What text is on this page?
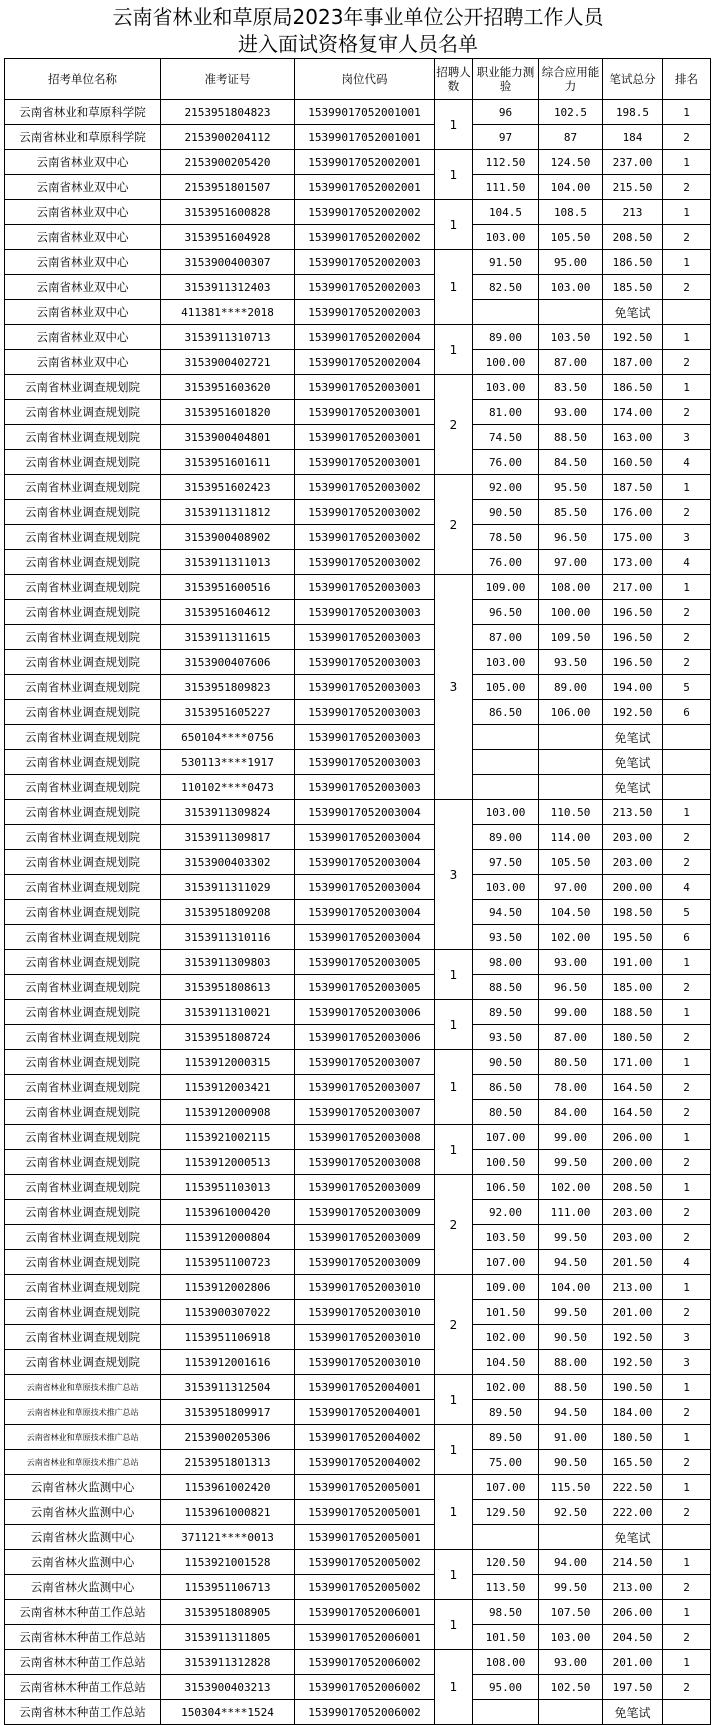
云南省林业和草原局2023年事业单位公开招聘工作人员
进入面试资格复审人员名单
招考单位名称	准考证号	岗位代码	招聘人数	职业能力测验	综合应用能力	笔试总分	排名
云南省林业和草原科学院	2153951804823	15399017052001001	1	96	102.5	198.5	1
云南省林业和草原科学院	2153900204112	15399017052001001		97	87	184	2
云南省林业双中心	2153900205420	15399017052002001	1	112.50	124.50	237.00	1
云南省林业双中心	2153951801507	15399017052002001		111.50	104.00	215.50	2
云南省林业双中心	3153951600828	15399017052002002	1	104.5	108.5	213	1
云南省林业双中心	3153951604928	15399017052002002		103.00	105.50	208.50	2
云南省林业双中心	3153900400307	15399017052002003	1	91.50	95.00	186.50	1
云南省林业双中心	3153911312403	15399017052002003		82.50	103.00	185.50	2
云南省林业双中心	411381****2018	15399017052002003				免笔试	
云南省林业双中心	3153911310713	15399017052002004	1	89.00	103.50	192.50	1
云南省林业双中心	3153900402721	15399017052002004		100.00	87.00	187.00	2
云南省林业调查规划院	3153951603620	15399017052003001	2	103.00	83.50	186.50	1
云南省林业调查规划院	3153951601820	15399017052003001		81.00	93.00	174.00	2
云南省林业调查规划院	3153900404801	15399017052003001		74.50	88.50	163.00	3
云南省林业调查规划院	3153951601611	15399017052003001		76.00	84.50	160.50	4
云南省林业调查规划院	3153951602423	15399017052003002	2	92.00	95.50	187.50	1
云南省林业调查规划院	3153911311812	15399017052003002		90.50	85.50	176.00	2
云南省林业调查规划院	3153900408902	15399017052003002		78.50	96.50	175.00	3
云南省林业调查规划院	3153911311013	15399017052003002		76.00	97.00	173.00	4
云南省林业调查规划院	3153951600516	15399017052003003	3	109.00	108.00	217.00	1
云南省林业调查规划院	3153951604612	15399017052003003		96.50	100.00	196.50	2
云南省林业调查规划院	3153911311615	15399017052003003		87.00	109.50	196.50	2
云南省林业调查规划院	3153900407606	15399017052003003		103.00	93.50	196.50	2
云南省林业调查规划院	3153951809823	15399017052003003		105.00	89.00	194.00	5
云南省林业调查规划院	3153951605227	15399017052003003		86.50	106.00	192.50	6
云南省林业调查规划院	650104****0756	15399017052003003				免笔试	
云南省林业调查规划院	530113****1917	15399017052003003				免笔试	
云南省林业调查规划院	110102****0473	15399017052003003				免笔试	
云南省林业调查规划院	3153911309824	15399017052003004	3	103.00	110.50	213.50	1
云南省林业调查规划院	3153911309817	15399017052003004		89.00	114.00	203.00	2
云南省林业调查规划院	3153900403302	15399017052003004		97.50	105.50	203.00	2
云南省林业调查规划院	3153911311029	15399017052003004		103.00	97.00	200.00	4
云南省林业调查规划院	3153951809208	15399017052003004		94.50	104.50	198.50	5
云南省林业调查规划院	3153911310116	15399017052003004		93.50	102.00	195.50	6
云南省林业调查规划院	3153911309803	15399017052003005	1	98.00	93.00	191.00	1
云南省林业调查规划院	3153951808613	15399017052003005		88.50	96.50	185.00	2
云南省林业调查规划院	3153911310021	15399017052003006	1	89.50	99.00	188.50	1
云南省林业调查规划院	3153951808724	15399017052003006		93.50	87.00	180.50	2
云南省林业调查规划院	1153912000315	15399017052003007	1	90.50	80.50	171.00	1
云南省林业调查规划院	1153912003421	15399017052003007		86.50	78.00	164.50	2
云南省林业调查规划院	1153912000908	15399017052003007		80.50	84.00	164.50	2
云南省林业调查规划院	1153921002115	15399017052003008	1	107.00	99.00	206.00	1
云南省林业调查规划院	1153912000513	15399017052003008		100.50	99.50	200.00	2
云南省林业调查规划院	1153951103013	15399017052003009	2	106.50	102.00	208.50	1
云南省林业调查规划院	1153961000420	15399017052003009		92.00	111.00	203.00	2
云南省林业调查规划院	1153912000804	15399017052003009		103.50	99.50	203.00	2
云南省林业调查规划院	1153951100723	15399017052003009		107.00	94.50	201.50	4
云南省林业调查规划院	1153912002806	15399017052003010	2	109.00	104.00	213.00	1
云南省林业调查规划院	1153900307022	15399017052003010		101.50	99.50	201.00	2
云南省林业调查规划院	1153951106918	15399017052003010		102.00	90.50	192.50	3
云南省林业调查规划院	1153912001616	15399017052003010		104.50	88.00	192.50	3
云南省林业和草原技术推广总站	3153911312504	15399017052004001	1	102.00	88.50	190.50	1
云南省林业和草原技术推广总站	3153951809917	15399017052004001		89.50	94.50	184.00	2
云南省林业和草原技术推广总站	2153900205306	15399017052004002	1	89.50	91.00	180.50	1
云南省林业和草原技术推广总站	2153951801313	15399017052004002		75.00	90.50	165.50	2
云南省林火监测中心	1153961002420	15399017052005001	1	107.00	115.50	222.50	1
云南省林火监测中心	1153961000821	15399017052005001		129.50	92.50	222.00	2
云南省林火监测中心	371121****0013	15399017052005001				免笔试	
云南省林火监测中心	1153921001528	15399017052005002	1	120.50	94.00	214.50	1
云南省林火监测中心	1153951106713	15399017052005002		113.50	99.50	213.00	2
云南省林木种苗工作总站	3153951808905	15399017052006001	1	98.50	107.50	206.00	1
云南省林木种苗工作总站	3153911311805	15399017052006001		101.50	103.00	204.50	2
云南省林木种苗工作总站	3153911312828	15399017052006002	1	108.00	93.00	201.00	1
云南省林木种苗工作总站	3153900403213	15399017052006002		95.00	102.50	197.50	2
云南省林木种苗工作总站	150304****1524	15399017052006002				免笔试	
